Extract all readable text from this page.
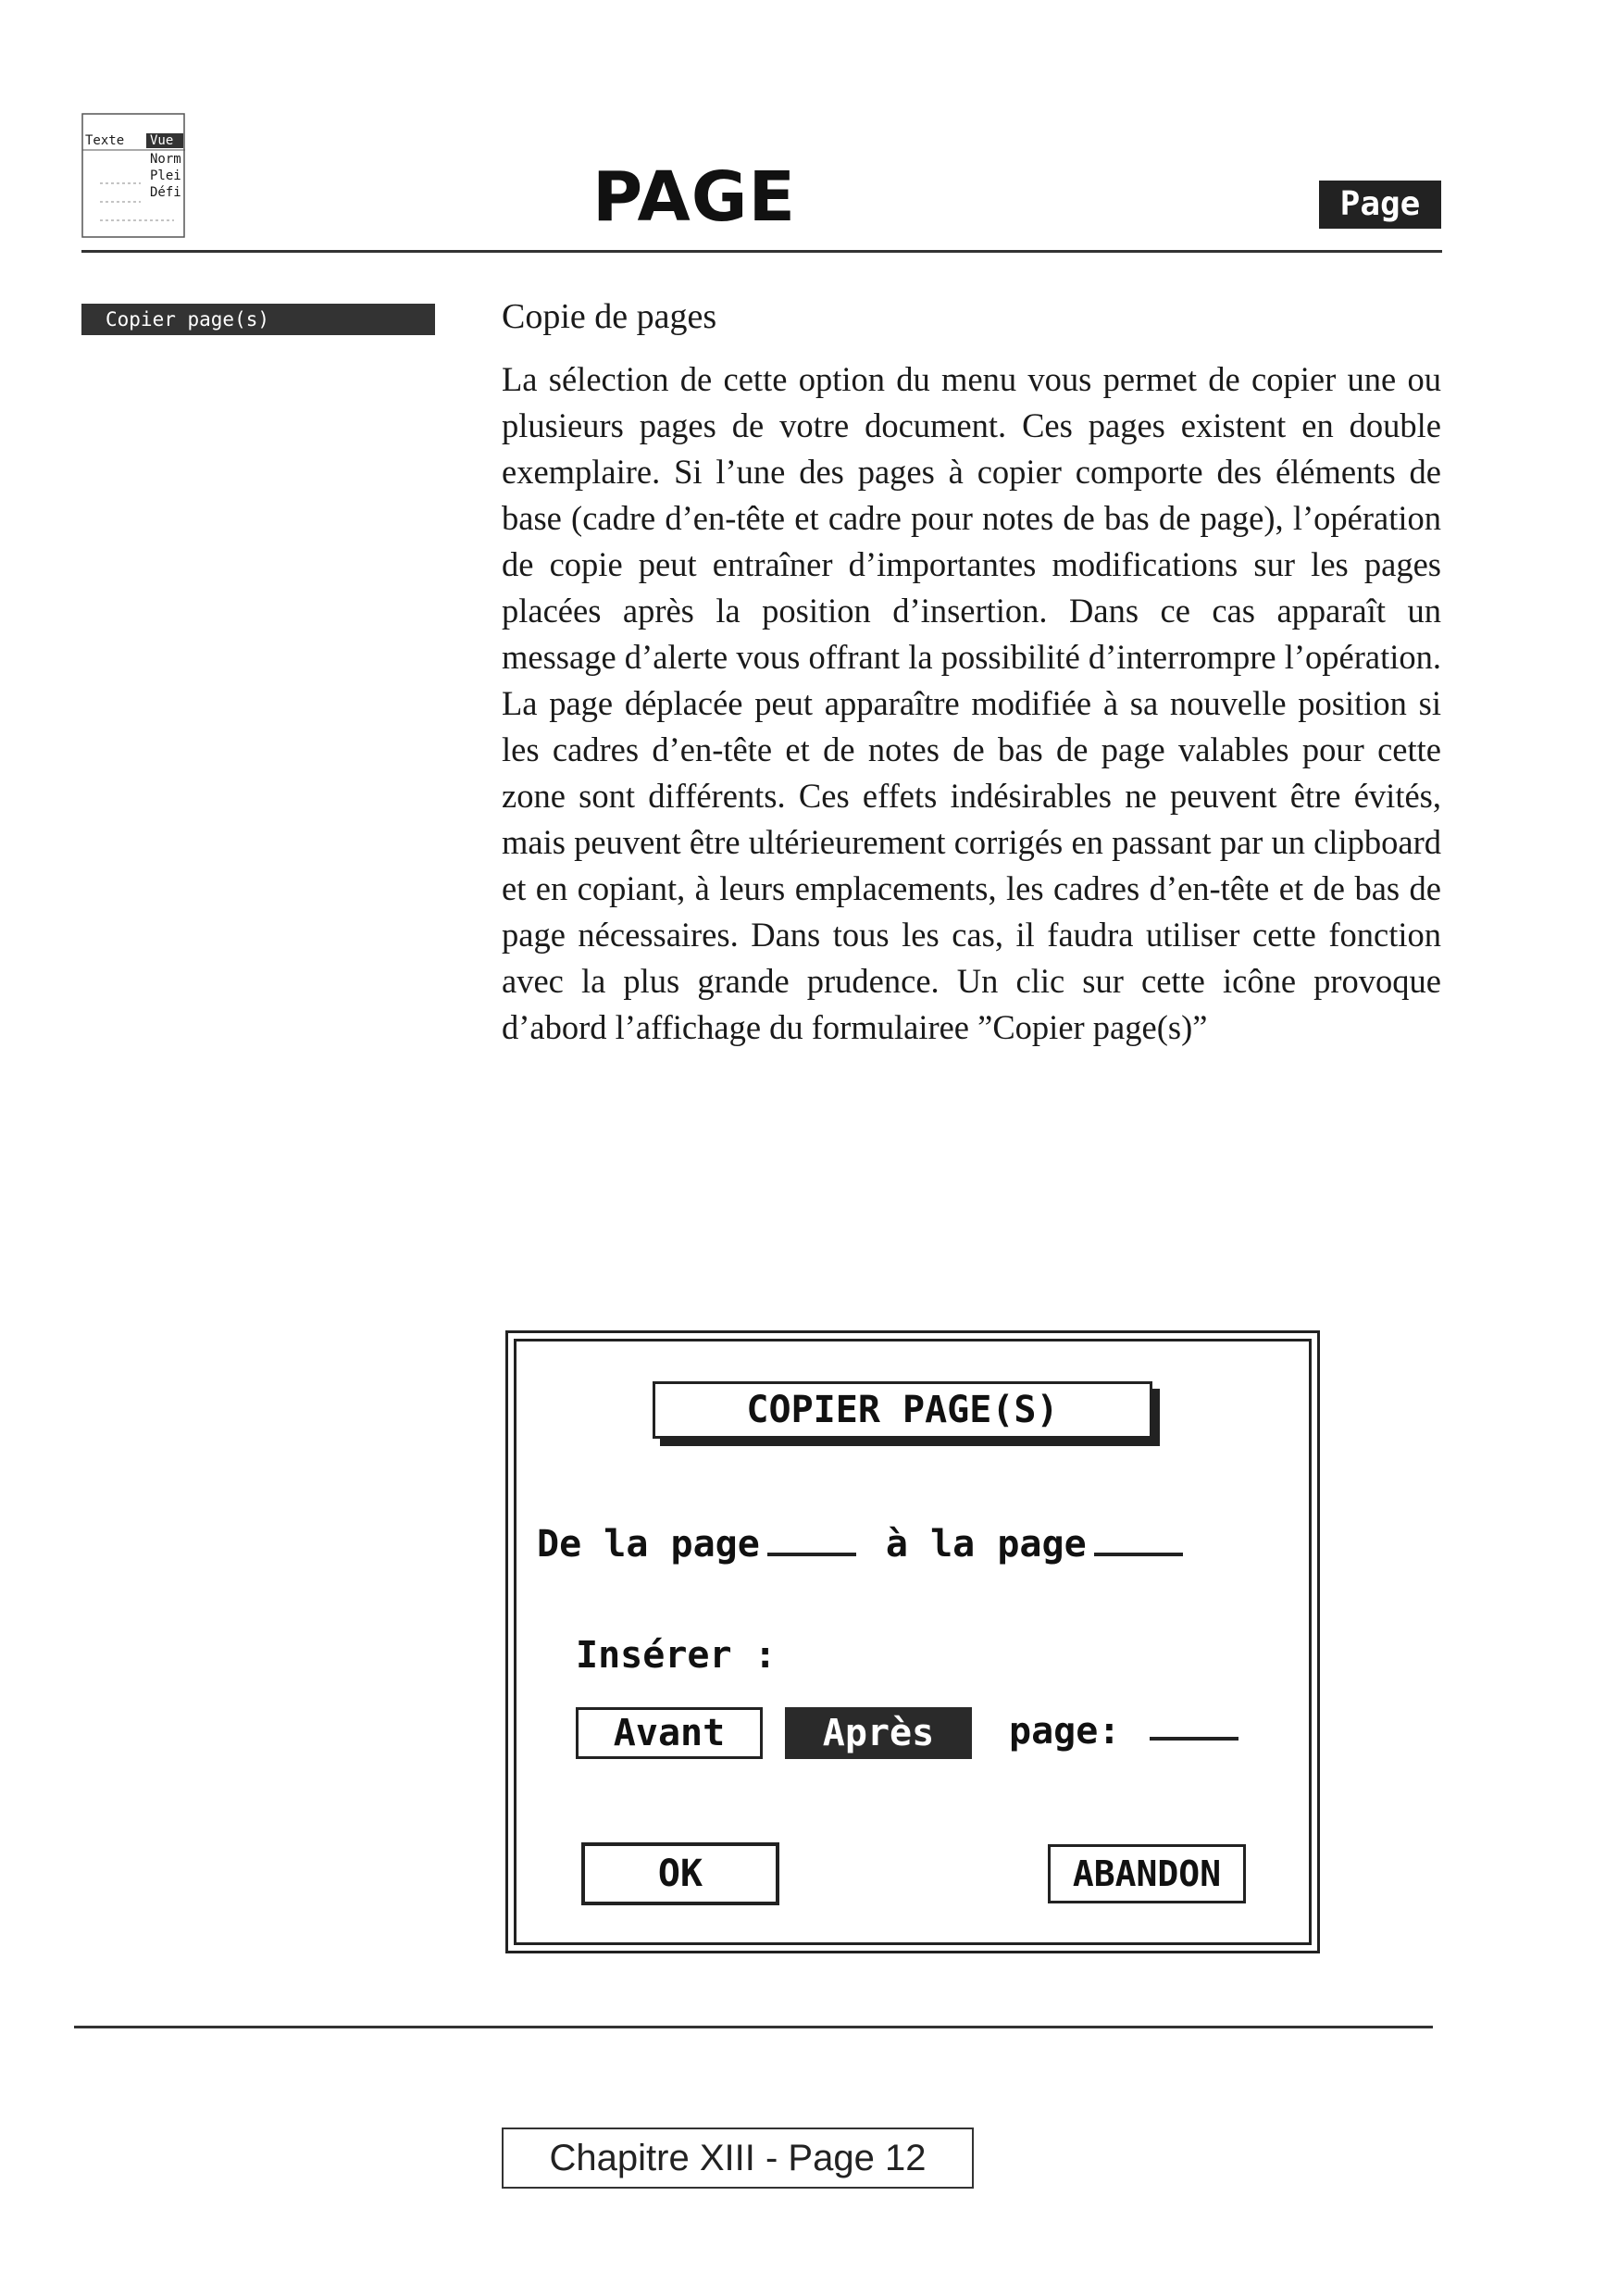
Texte Vue
Norm
Plei
Défi	PAGE	Page
Copier page(s)	Copie de pages
La sélection de cette option du menu vous permet de copier une ou plusieurs pages de votre document. Ces pages existent en double exemplaire. Si l’une des pages à copier comporte des éléments de base (cadre d’en-tête et cadre pour notes de bas de page), l’opération de copie peut entraîner d’importantes modifications sur les pages placées après la position d’insertion. Dans ce cas apparaît un message d’alerte vous offrant la possibilité d’interrompre l’opération. La page déplacée peut apparaître modifiée à sa nouvelle position si les cadres d’en-tête et de notes de bas de page valables pour cette zone sont différents. Ces effets indésirables ne peuvent être évités, mais peuvent être ultérieurement corrigés en passant par un clipboard et en copiant, à leurs emplacements, les cadres d’en-tête et de bas de page nécessaires. Dans tous les cas, il faudra utiliser cette fonction avec la plus grande prudence. Un clic sur cette icône provoque d’abord l’affichage du formulairee ”Copier page(s)”
COPIER PAGE(S)
De la page	à la page
Insérer :
Avant	Après	page:
OK	ABANDON
Chapitre XIII - Page 12
